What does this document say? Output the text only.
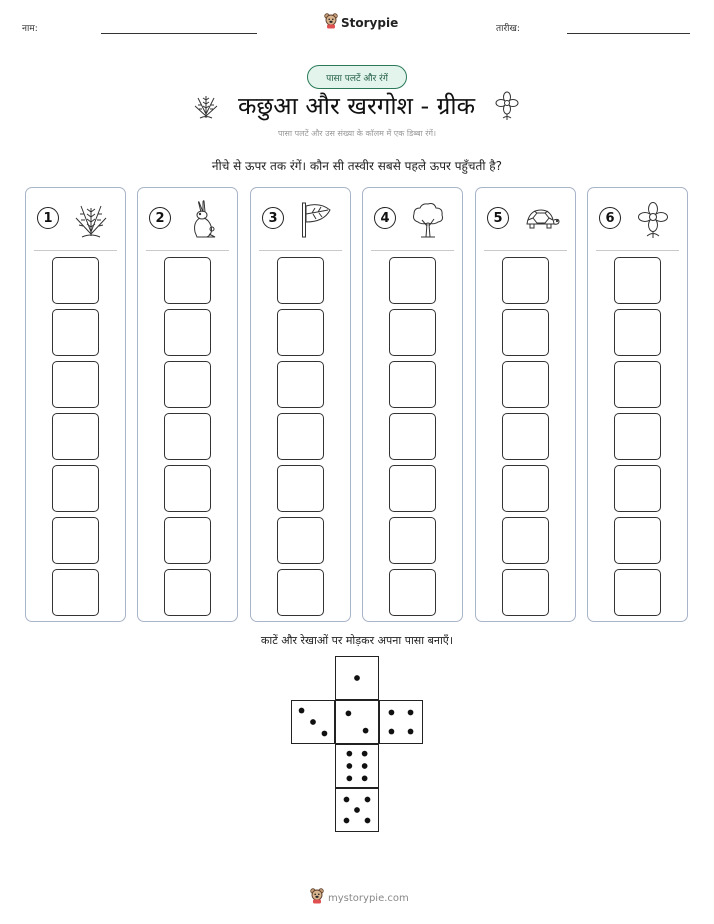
नाम:	Storypie	तारीख:
पासा पलटें और रंगें
कछुआ और खरगोश - ग्रीक
पासा पलटें और उस संख्या के कॉलम में एक डिब्बा रंगें।
नीचे से ऊपर तक रंगें। कौन सी तस्वीर सबसे पहले ऊपर पहुँचती है?
1	2	3	4	5	6
काटें और रेखाओं पर मोड़कर अपना पासा बनाएँ।
mystorypie.com
